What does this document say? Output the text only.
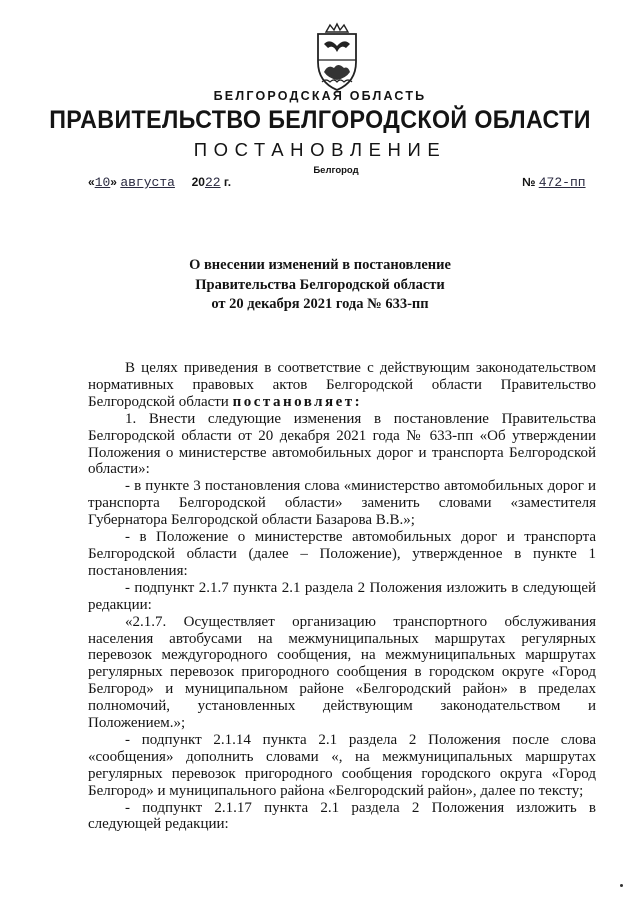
БЕЛГОРОДСКАЯ ОБЛАСТЬ
ПРАВИТЕЛЬСТВО БЕЛГОРОДСКОЙ ОБЛАСТИ
ПОСТАНОВЛЕНИЕ
Белгород
«10» августа 2022 г.	№ 472-пп
О внесении изменений в постановление
Правительства Белгородской области
от 20 декабря 2021 года № 633-пп

В целях приведения в соответствие с действующим законодательством нормативных правовых актов Белгородской области Правительство Белгородской области постановляет:

1. Внести следующие изменения в постановление Правительства Белгородской области от 20 декабря 2021 года № 633-пп «Об утверждении Положения о министерстве автомобильных дорог и транспорта Белгородской области»:

- в пункте 3 постановления слова «министерство автомобильных дорог и транспорта Белгородской области» заменить словами «заместителя Губернатора Белгородской области Базарова В.В.»;

- в Положение о министерстве автомобильных дорог и транспорта Белгородской области (далее – Положение), утвержденное в пункте 1 постановления:

- подпункт 2.1.7 пункта 2.1 раздела 2 Положения изложить в следующей редакции:

«2.1.7. Осуществляет организацию транспортного обслуживания населения автобусами на межмуниципальных маршрутах регулярных перевозок междугородного сообщения, на межмуниципальных маршрутах регулярных перевозок пригородного сообщения в городском округе «Город Белгород» и муниципальном районе «Белгородский район» в пределах полномочий, установленных действующим законодательством и Положением.»;

- подпункт 2.1.14 пункта 2.1 раздела 2 Положения после слова «сообщения» дополнить словами «, на межмуниципальных маршрутах регулярных перевозок пригородного сообщения городского округа «Город Белгород» и муниципального района «Белгородский район», далее по тексту;

- подпункт 2.1.17 пункта 2.1 раздела 2 Положения изложить в следующей редакции:
